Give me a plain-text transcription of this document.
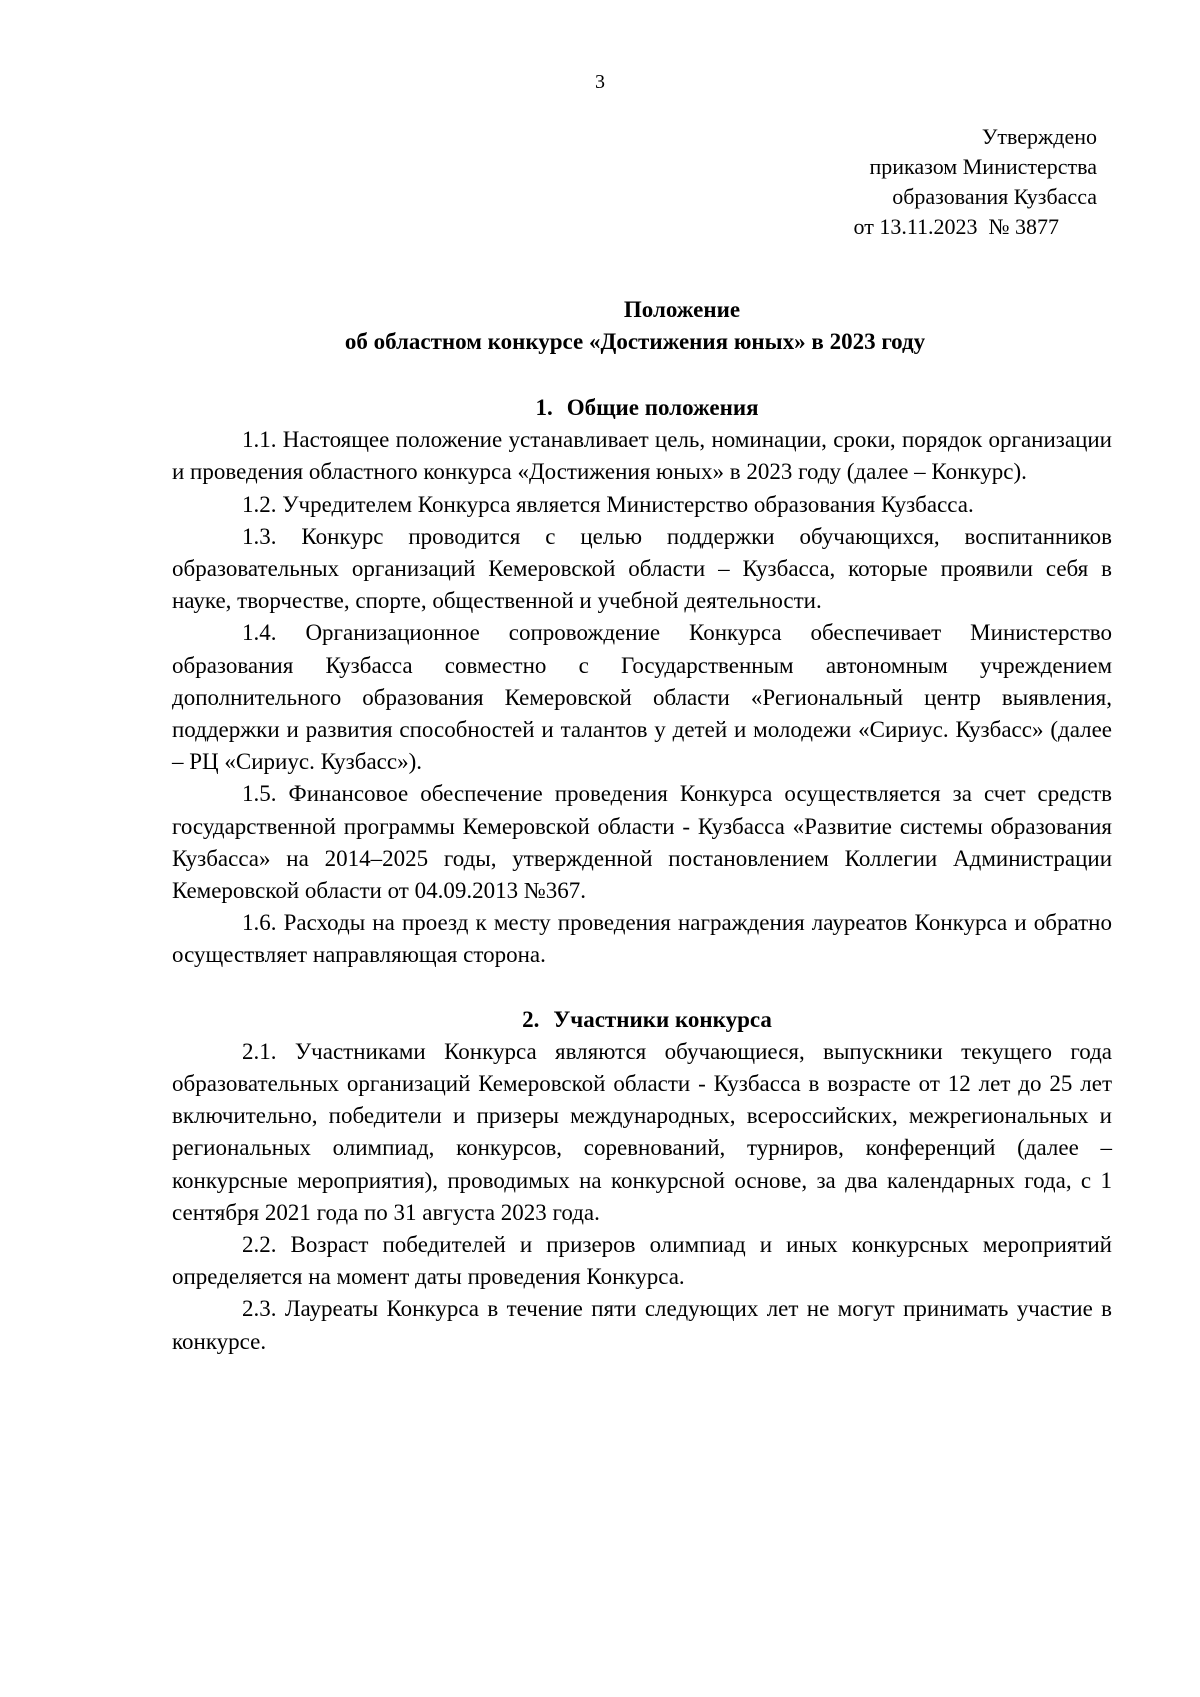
3
Утверждено
приказом Министерства
образования Кузбасса
от 13.11.2023  № 3877
Положение
об областном конкурсе «Достижения юных» в 2023 году
1. Общие положения

1.1. Настоящее положение устанавливает цель, номинации, сроки, порядок организации и проведения областного конкурса «Достижения юных» в 2023 году (далее – Конкурс).

1.2. Учредителем Конкурса является Министерство образования Кузбасса.

1.3. Конкурс проводится с целью поддержки обучающихся, воспитанников образовательных организаций Кемеровской области – Кузбасса, которые проявили себя в науке, творчестве, спорте, общественной и учебной деятельности.

1.4. Организационное сопровождение Конкурса обеспечивает Министерство образования Кузбасса совместно с Государственным автономным учреждением дополнительного образования Кемеровской области «Региональный центр выявления, поддержки и развития способностей и талантов у детей и молодежи «Сириус. Кузбасс» (далее – РЦ «Сириус. Кузбасс»).

1.5. Финансовое обеспечение проведения Конкурса осуществляется за счет средств государственной программы Кемеровской области - Кузбасса «Развитие системы образования Кузбасса» на 2014–2025 годы, утвержденной постановлением Коллегии Администрации Кемеровской области от 04.09.2013 №367.

1.6. Расходы на проезд к месту проведения награждения лауреатов Конкурса и обратно осуществляет направляющая сторона.

2. Участники конкурса

2.1. Участниками Конкурса являются обучающиеся, выпускники текущего года образовательных организаций Кемеровской области - Кузбасса в возрасте от 12 лет до 25 лет включительно, победители и призеры международных, всероссийских, межрегиональных и региональных олимпиад, конкурсов, соревнований, турниров, конференций (далее – конкурсные мероприятия), проводимых на конкурсной основе, за два календарных года, с 1 сентября 2021 года по 31 августа 2023 года.

2.2. Возраст победителей и призеров олимпиад и иных конкурсных мероприятий определяется на момент даты проведения Конкурса.

2.3. Лауреаты Конкурса в течение пяти следующих лет не могут принимать участие в конкурсе.
